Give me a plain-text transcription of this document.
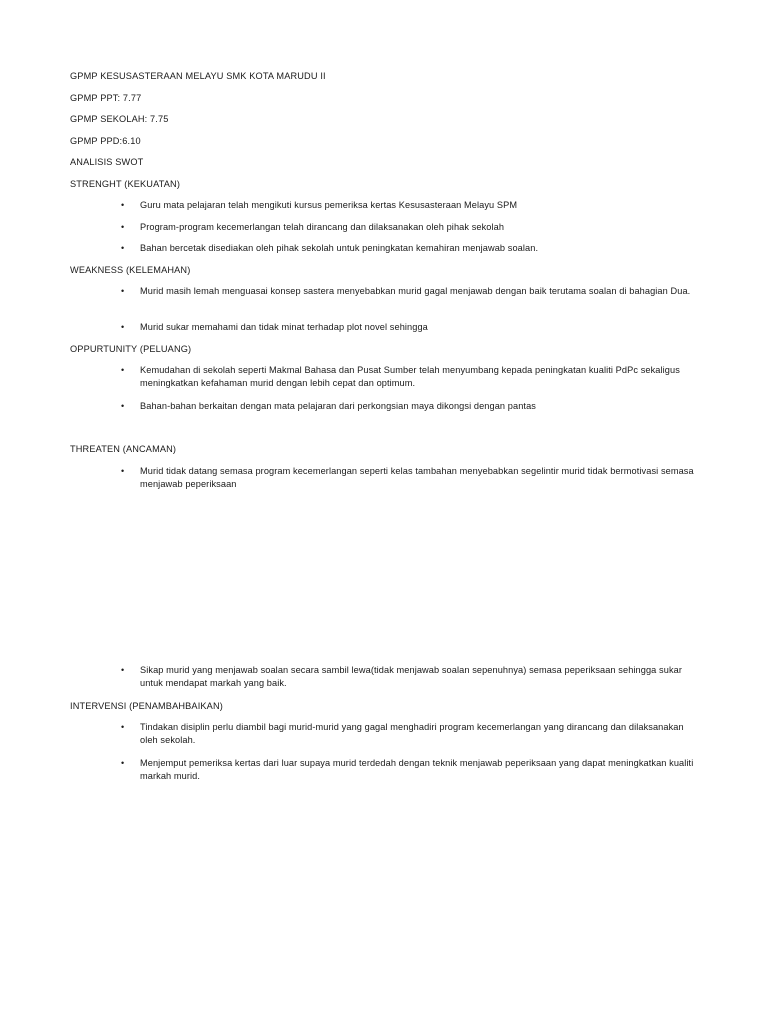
GPMP KESUSASTERAAN MELAYU SMK KOTA MARUDU II
GPMP PPT: 7.77
GPMP SEKOLAH: 7.75
GPMP PPD:6.10
ANALISIS SWOT
STRENGHT (KEKUATAN)
• Guru mata pelajaran telah mengikuti kursus pemeriksa kertas Kesusasteraan Melayu SPM
• Program-program kecemerlangan telah dirancang dan dilaksanakan oleh pihak sekolah
• Bahan bercetak disediakan oleh pihak sekolah untuk peningkatan kemahiran menjawab soalan.
WEAKNESS (KELEMAHAN)
• Murid masih lemah menguasai konsep sastera menyebabkan murid gagal menjawab dengan baik terutama soalan di bahagian Dua.
• Murid sukar memahami dan tidak minat terhadap plot novel sehingga
OPPURTUNITY (PELUANG)
• Kemudahan di sekolah seperti Makmal Bahasa dan Pusat Sumber telah menyumbang kepada peningkatan kualiti PdPc sekaligus meningkatkan kefahaman murid dengan lebih cepat dan optimum.
• Bahan-bahan berkaitan dengan mata pelajaran dari perkongsian maya dikongsi dengan pantas
THREATEN (ANCAMAN)
• Murid tidak datang semasa program kecemerlangan seperti kelas tambahan menyebabkan segelintir murid tidak bermotivasi semasa menjawab peperiksaan
• Sikap murid yang menjawab soalan secara sambil lewa(tidak menjawab soalan sepenuhnya) semasa peperiksaan sehingga sukar untuk mendapat markah yang baik.
INTERVENSI (PENAMBAHBAIKAN)
• Tindakan disiplin perlu diambil bagi murid-murid yang gagal menghadiri program kecemerlangan yang dirancang dan dilaksanakan oleh sekolah.
• Menjemput pemeriksa kertas dari luar supaya murid terdedah dengan teknik menjawab peperiksaan yang dapat meningkatkan kualiti markah murid.
